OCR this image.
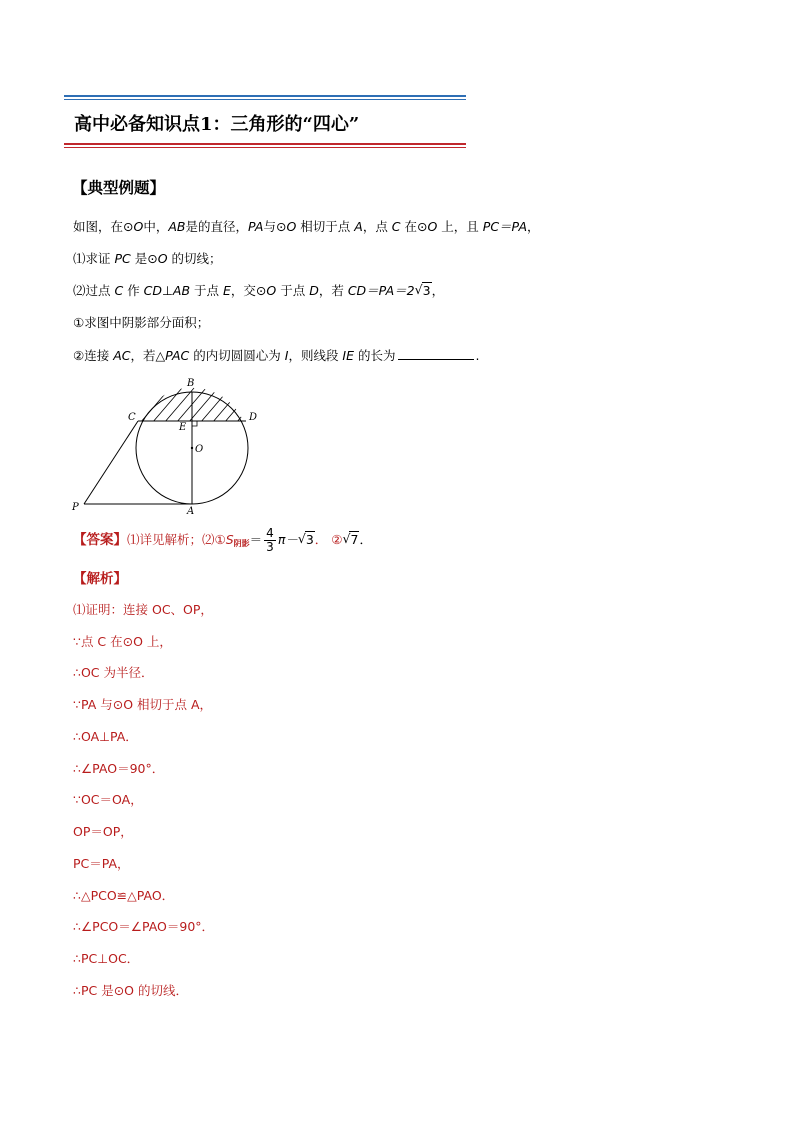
高中必备知识点1：三角形的“四心”
【典型例题】
如图，在⊙O中，AB是的直径，PA与⊙O 相切于点 A，点 C 在⊙O 上，且 PC＝PA，
⑴求证 PC 是⊙O 的切线；
⑵过点 C 作 CD⊥AB 于点 E，交⊙O 于点 D，若 CD＝PA＝2 √ 3，
①求图中阴影部分面积；
②连接 AC，若△PAC 的内切圆圆心为 I，则线段 IE 的长为	.
B
C	D
E
O
P	A
【答案】⑴详见解析；$⑵①S_{阴影}= \frac{4}{3} \pi-$ √ 3． ② √ 7．
【解析】
⑴证明：连接 OC、OP，
∵点 C 在⊙O 上，
∴OC 为半径．
∵PA 与⊙O 相切于点 A，
∴OA⊥PA．
∴∠PAO＝90°．
∵OC＝OA，
OP＝OP，
PC＝PA，
∴△PCO≌△PAO．
∴∠PCO＝∠PAO＝90°．
∴PC⊥OC．
∴PC 是⊙O 的切线．
